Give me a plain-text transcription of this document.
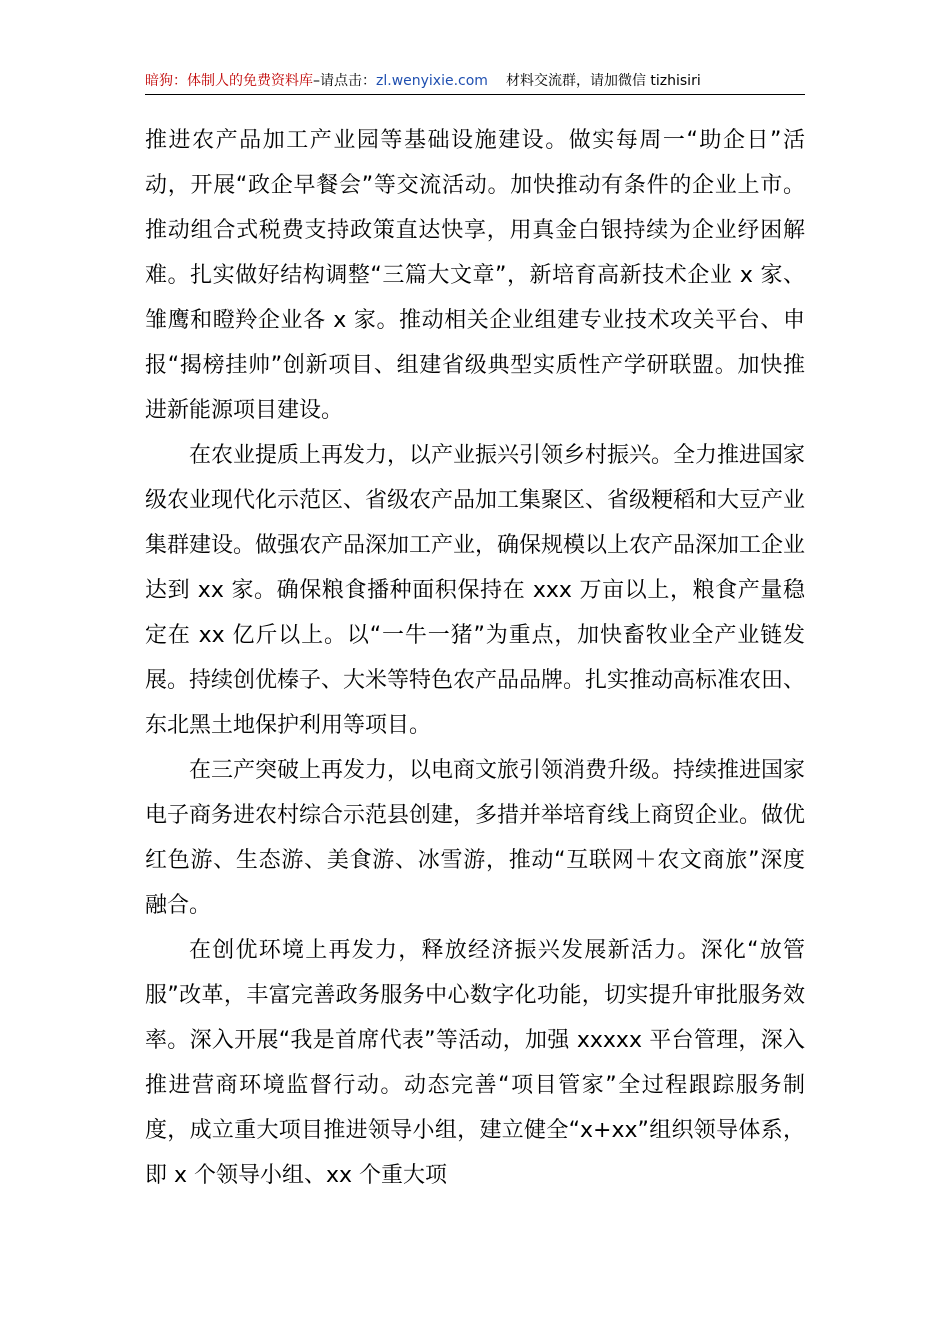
暗狗：体制人的免费资料库–请点击：zl.wenyixie.com 材料交流群，请加微信 tizhisiri

推进农产品加工产业园等基础设施建设。做实每周一“助企日”活动，开展“政企早餐会”等交流活动。加快推动有条件的企业上市。推动组合式税费支持政策直达快享，用真金白银持续为企业纾困解难。扎实做好结构调整“三篇大文章”，新培育高新技术企业 x 家、雏鹰和瞪羚企业各 x 家。推动相关企业组建专业技术攻关平台、申报“揭榜挂帅”创新项目、组建省级典型实质性产学研联盟。加快推进新能源项目建设。

在农业提质上再发力，以产业振兴引领乡村振兴。全力推进国家级农业现代化示范区、省级农产品加工集聚区、省级粳稻和大豆产业集群建设。做强农产品深加工产业，确保规模以上农产品深加工企业达到 xx 家。确保粮食播种面积保持在 xxx 万亩以上，粮食产量稳定在 xx 亿斤以上。以“一牛一猪”为重点，加快畜牧业全产业链发展。持续创优榛子、大米等特色农产品品牌。扎实推动高标准农田、东北黑土地保护利用等项目。

在三产突破上再发力，以电商文旅引领消费升级。持续推进国家电子商务进农村综合示范县创建，多措并举培育线上商贸企业。做优红色游、生态游、美食游、冰雪游，推动“互联网＋农文商旅”深度融合。

在创优环境上再发力，释放经济振兴发展新活力。深化“放管服”改革，丰富完善政务服务中心数字化功能，切实提升审批服务效率。深入开展“我是首席代表”等活动，加强 xxxxx 平台管理，深入推进营商环境监督行动。动态完善“项目管家”全过程跟踪服务制度，成立重大项目推进领导小组，建立健全“x+xx”组织领导体系，即 x 个领导小组、xx 个重大项
